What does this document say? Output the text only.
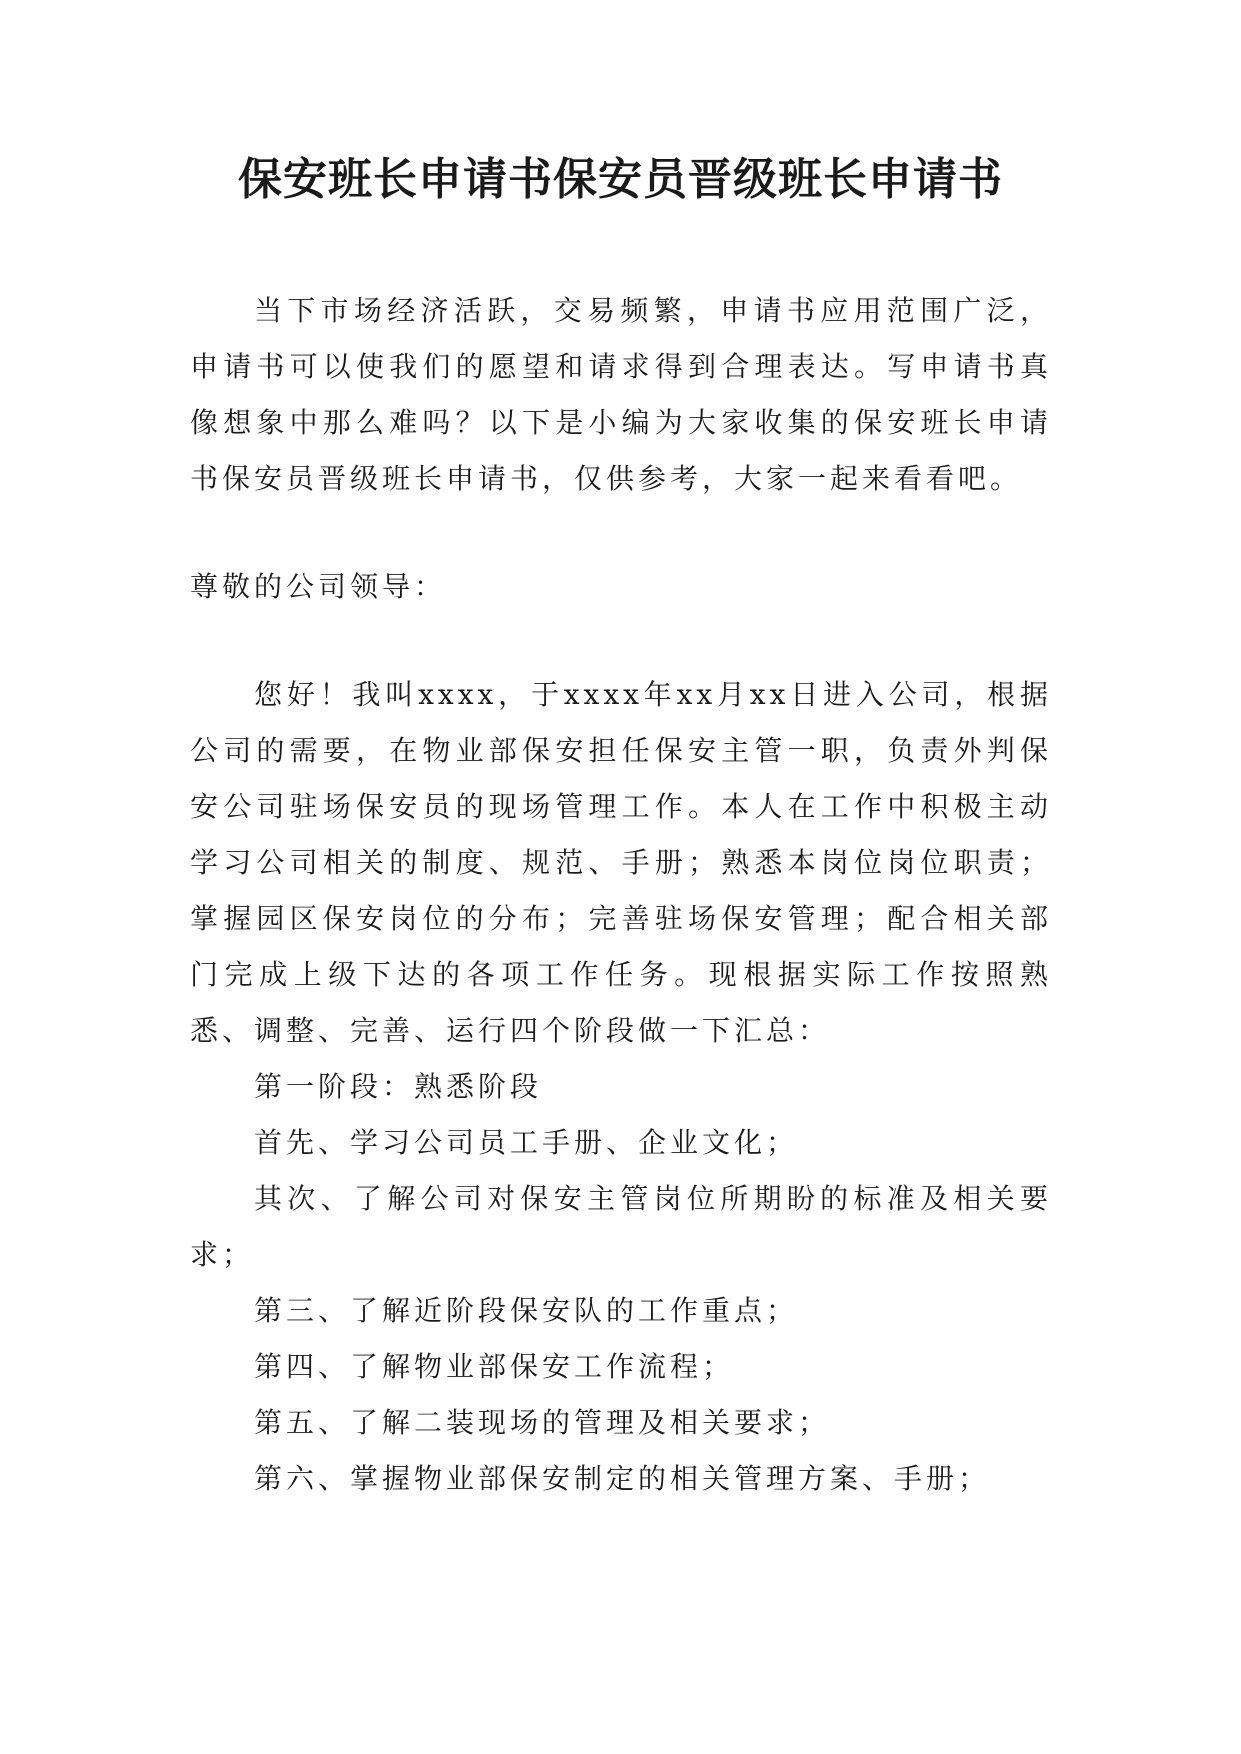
保安班长申请书保安员晋级班长申请书

当下市场经济活跃，交易频繁，申请书应用范围广泛，申请书可以使我们的愿望和请求得到合理表达。写申请书真像想象中那么难吗？以下是小编为大家收集的保安班长申请书保安员晋级班长申请书，仅供参考，大家一起来看看吧。

尊敬的公司领导：

您好！我叫xxxx，于xxxx年xx月xx日进入公司，根据公司的需要，在物业部保安担任保安主管一职，负责外判保安公司驻场保安员的现场管理工作。本人在工作中积极主动学习公司相关的制度、规范、手册；熟悉本岗位岗位职责；掌握园区保安岗位的分布；完善驻场保安管理；配合相关部门完成上级下达的各项工作任务。现根据实际工作按照熟悉、调整、完善、运行四个阶段做一下汇总：

第一阶段：熟悉阶段

首先、学习公司员工手册、企业文化；

其次、了解公司对保安主管岗位所期盼的标准及相关要求；

第三、了解近阶段保安队的工作重点；

第四、了解物业部保安工作流程；

第五、了解二装现场的管理及相关要求；

第六、掌握物业部保安制定的相关管理方案、手册；
